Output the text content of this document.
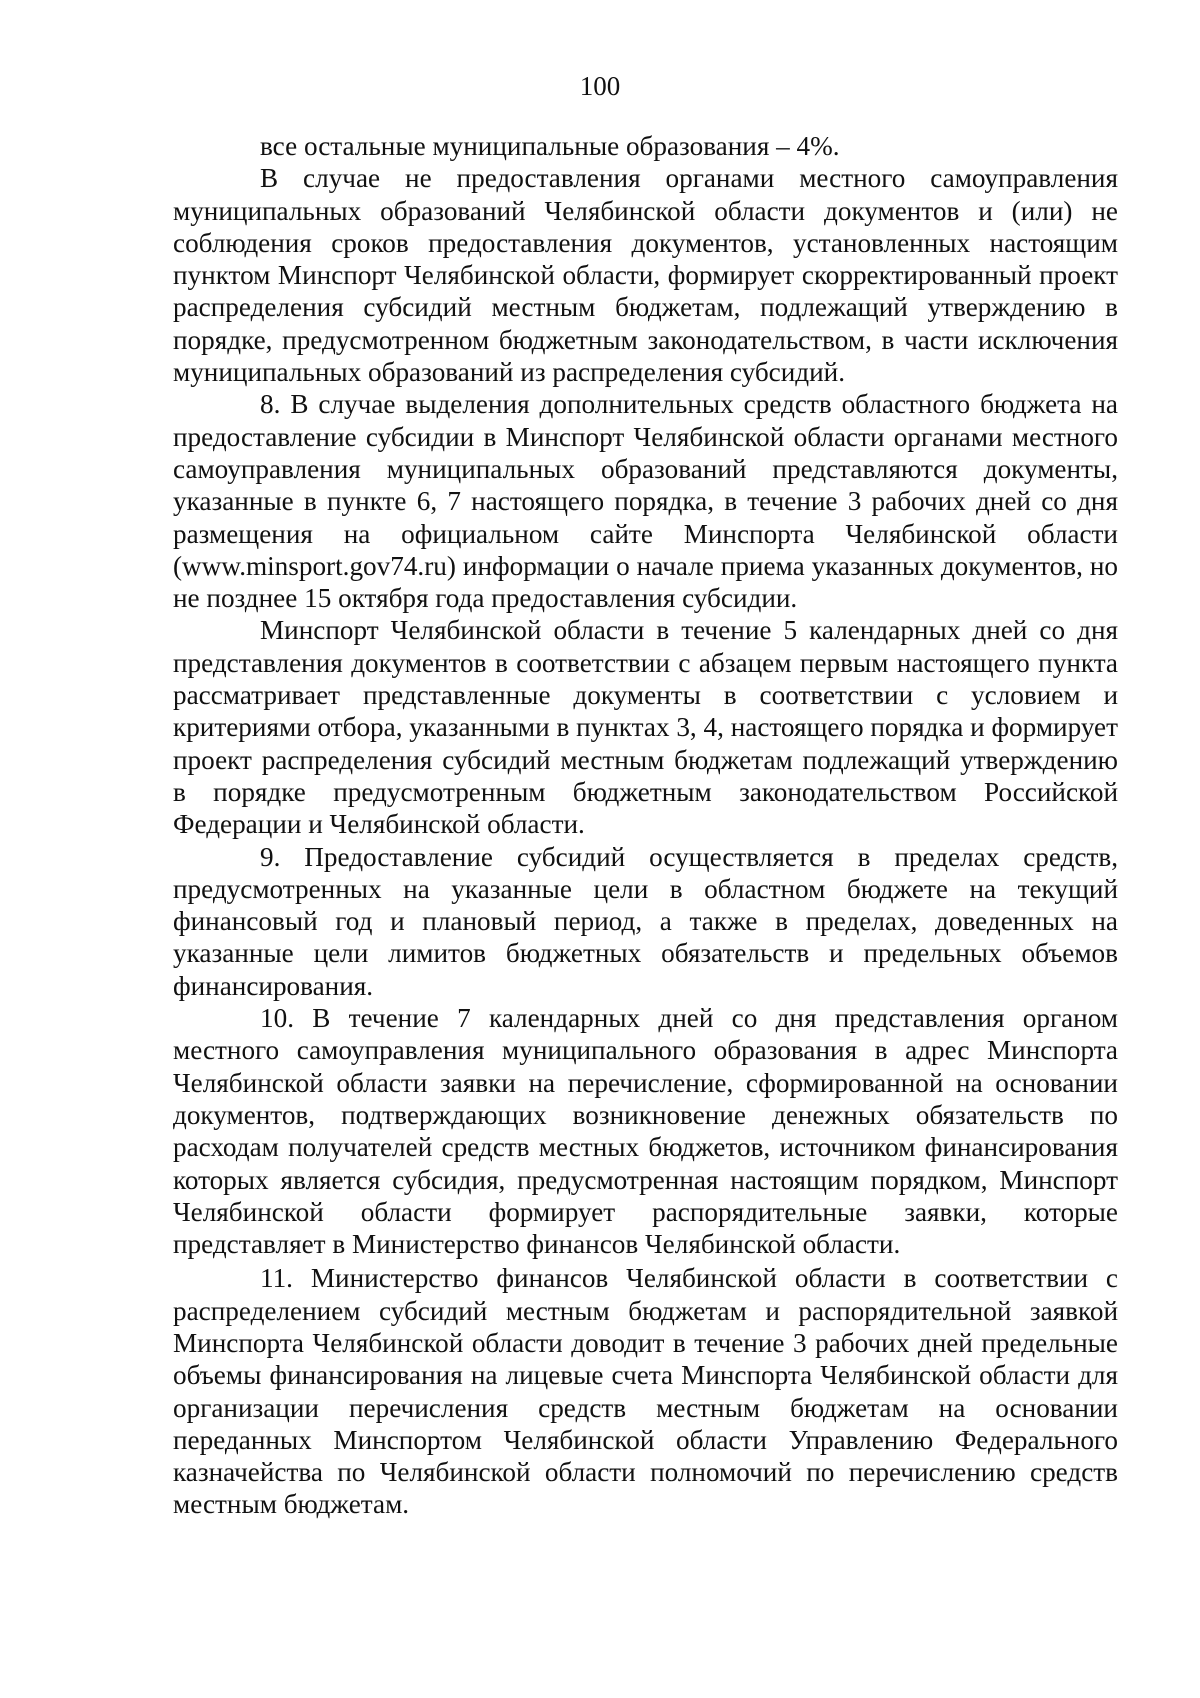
100

все остальные муниципальные образования – 4%.

В случае не предоставления органами местного самоуправления муниципальных образований Челябинской области документов и (или) не соблюдения сроков предоставления документов, установленных настоящим пунктом Минспорт Челябинской области, формирует скорректированный проект распределения субсидий местным бюджетам, подлежащий утверждению в порядке, предусмотренном бюджетным законодательством, в части исключения муниципальных образований из распределения субсидий.

8. В случае выделения дополнительных средств областного бюджета на предоставление субсидии в Минспорт Челябинской области органами местного самоуправления муниципальных образований представляются документы, указанные в пункте 6, 7 настоящего порядка, в течение 3 рабочих дней со дня размещения на официальном сайте Минспорта Челябинской области (www.minsport.gov74.ru) информации о начале приема указанных документов, но не позднее 15 октября года предоставления субсидии.

Минспорт Челябинской области в течение 5 календарных дней со дня представления документов в соответствии с абзацем первым настоящего пункта рассматривает представленные документы в соответствии с условием и критериями отбора, указанными в пунктах 3, 4, настоящего порядка и формирует проект распределения субсидий местным бюджетам подлежащий утверждению в порядке предусмотренным бюджетным законодательством Российской Федерации и Челябинской области.

9. Предоставление субсидий осуществляется в пределах средств, предусмотренных на указанные цели в областном бюджете на текущий финансовый год и плановый период, а также в пределах, доведенных на указанные цели лимитов бюджетных обязательств и предельных объемов финансирования.

10. В течение 7 календарных дней со дня представления органом местного самоуправления муниципального образования в адрес Минспорта Челябинской области заявки на перечисление, сформированной на основании документов, подтверждающих возникновение денежных обязательств по расходам получателей средств местных бюджетов, источником финансирования которых является субсидия, предусмотренная настоящим порядком, Минспорт Челябинской области формирует распорядительные заявки, которые представляет в Министерство финансов Челябинской области.

11. Министерство финансов Челябинской области в соответствии с распределением субсидий местным бюджетам и распорядительной заявкой Минспорта Челябинской области доводит в течение 3 рабочих дней предельные объемы финансирования на лицевые счета Минспорта Челябинской области для организации перечисления средств местным бюджетам на основании переданных Минспортом Челябинской области Управлению Федерального казначейства по Челябинской области полномочий по перечислению средств местным бюджетам.
